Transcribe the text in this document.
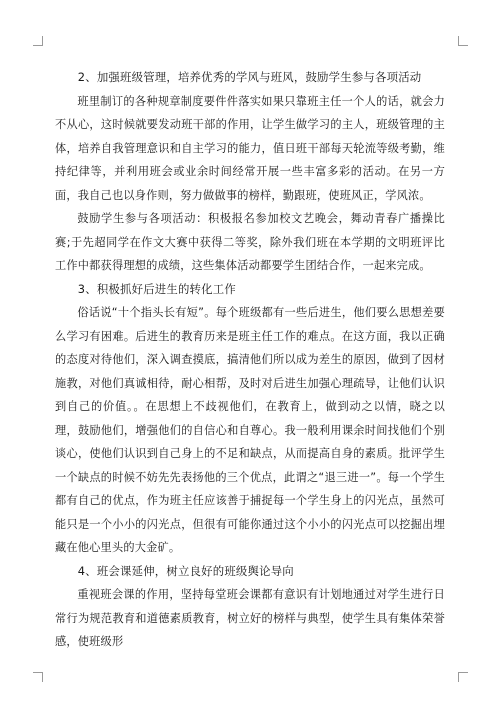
2、加强班级管理，培养优秀的学风与班风，鼓励学生参与各项活动

班里制订的各种规章制度要件件落实如果只靠班主任一个人的话，就会力不从心，这时候就要发动班干部的作用，让学生做学习的主人，班级管理的主体，培养自我管理意识和自主学习的能力，值日班干部每天轮流等级考勤，维持纪律等，并利用班会或业余时间经常开展一些丰富多彩的活动。在另一方面，我自己也以身作则，努力做做事的榜样，勤跟班，使班风正，学风浓。

鼓励学生参与各项活动：积极报名参加校文艺晚会，舞动青春广播操比赛;于先超同学在作文大赛中获得二等奖，除外我们班在本学期的文明班评比工作中都获得理想的成绩，这些集体活动都要学生团结合作，一起来完成。

3、积极抓好后进生的转化工作

俗话说“十个指头长有短”。每个班级都有一些后进生，他们要么思想差要么学习有困难。后进生的教育历来是班主任工作的难点。在这方面，我以正确的态度对待他们，深入调查摸底，搞清他们所以成为差生的原因，做到了因材施教，对他们真诚相待，耐心相帮，及时对后进生加强心理疏导，让他们认识到自己的价值。。在思想上不歧视他们，在教育上，做到动之以情，晓之以理，鼓励他们，增强他们的自信心和自尊心。我一般利用课余时间找他们个别谈心，使他们认识到自己身上的不足和缺点，从而提高自身的素质。批评学生一个缺点的时候不妨先先表扬他的三个优点，此谓之“退三进一”。每一个学生都有自己的优点，作为班主任应该善于捕捉每一个学生身上的闪光点，虽然可能只是一个小小的闪光点，但很有可能你通过这个小小的闪光点可以挖掘出埋藏在他心里头的大金矿。

4、班会课延伸，树立良好的班级舆论导向

重视班会课的作用，坚持每堂班会课都有意识有计划地通过对学生进行日常行为规范教育和道德素质教育，树立好的榜样与典型，使学生具有集体荣誉感，使班级形
